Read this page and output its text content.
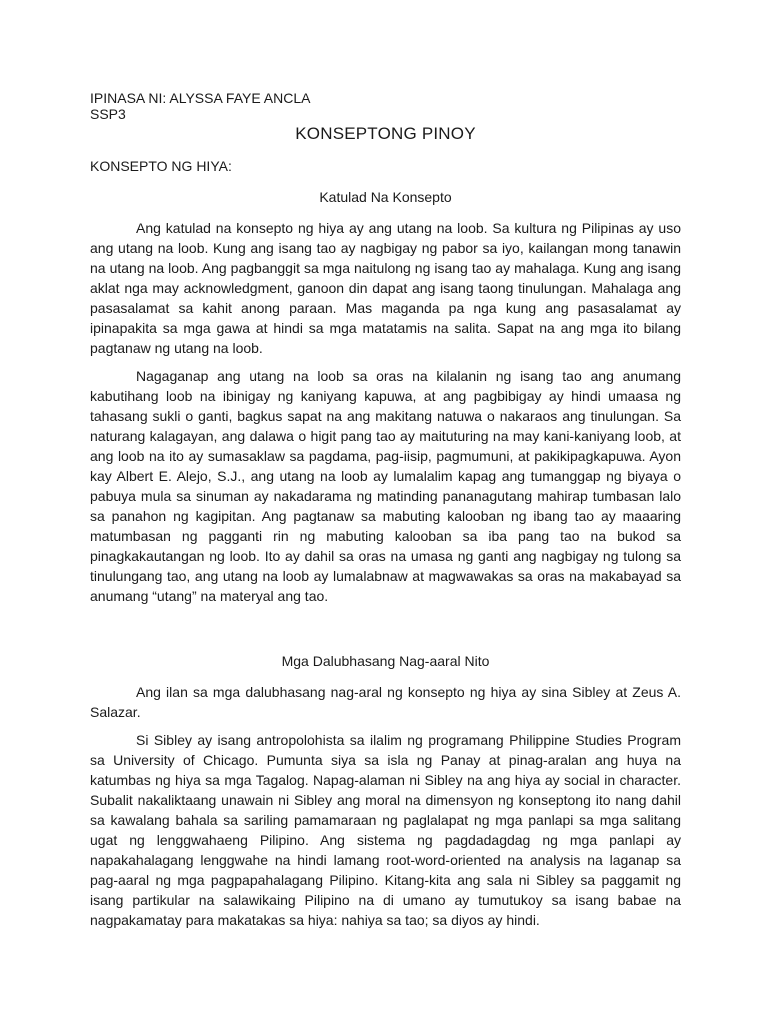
IPINASA NI: ALYSSA FAYE ANCLA
SSP3
KONSEPTONG PINOY
KONSEPTO NG HIYA:
Katulad Na Konsepto

Ang katulad na konsepto ng hiya ay ang utang na loob. Sa kultura ng Pilipinas ay uso ang utang na loob. Kung ang isang tao ay nagbigay ng pabor sa iyo, kailangan mong tanawin na utang na loob. Ang pagbanggit sa mga naitulong ng isang tao ay mahalaga. Kung ang isang aklat nga may acknowledgment, ganoon din dapat ang isang taong tinulungan. Mahalaga ang pasasalamat sa kahit anong paraan. Mas maganda pa nga kung ang pasasalamat ay ipinapakita sa mga gawa at hindi sa mga matatamis na salita. Sapat na ang mga ito bilang pagtanaw ng utang na loob.

Nagaganap ang utang na loob sa oras na kilalanin ng isang tao ang anumang kabutihang loob na ibinigay ng kaniyang kapuwa, at ang pagbibigay ay hindi umaasa ng tahasang sukli o ganti, bagkus sapat na ang makitang natuwa o nakaraos ang tinulungan. Sa naturang kalagayan, ang dalawa o higit pang tao ay maituturing na may kani-kaniyang loob, at ang loob na ito ay sumasaklaw sa pagdama, pag-iisip, pagmumuni, at pakikipagkapuwa. Ayon kay Albert E. Alejo, S.J., ang utang na loob ay lumalalim kapag ang tumanggap ng biyaya o pabuya mula sa sinuman ay nakadarama ng matinding pananagutang mahirap tumbasan lalo sa panahon ng kagipitan. Ang pagtanaw sa mabuting kalooban ng ibang tao ay maaaring matumbasan ng pagganti rin ng mabuting kalooban sa iba pang tao na bukod sa pinagkakautangan ng loob. Ito ay dahil sa oras na umasa ng ganti ang nagbigay ng tulong sa tinulungang tao, ang utang na loob ay lumalabnaw at magwawakas sa oras na makabayad sa anumang “utang” na materyal ang tao.

Mga Dalubhasang Nag-aaral Nito

Ang ilan sa mga dalubhasang nag-aral ng konsepto ng hiya ay sina Sibley at Zeus A. Salazar.

Si Sibley ay isang antropolohista sa ilalim ng programang Philippine Studies Program sa University of Chicago. Pumunta siya sa isla ng Panay at pinag-aralan ang huya na katumbas ng hiya sa mga Tagalog. Napag-alaman ni Sibley na ang hiya ay social in character. Subalit nakaliktaang unawain ni Sibley ang moral na dimensyon ng konseptong ito nang dahil sa kawalang bahala sa sariling pamamaraan ng paglalapat ng mga panlapi sa mga salitang ugat ng lenggwahaeng Pilipino. Ang sistema ng pagdadagdag ng mga panlapi ay napakahalagang lenggwahe na hindi lamang root-word-oriented na analysis na laganap sa pag-aaral ng mga pagpapahalagang Pilipino. Kitang-kita ang sala ni Sibley sa paggamit ng isang partikular na salawikaing Pilipino na di umano ay tumutukoy sa isang babae na nagpakamatay para makatakas sa hiya: nahiya sa tao; sa diyos ay hindi.
